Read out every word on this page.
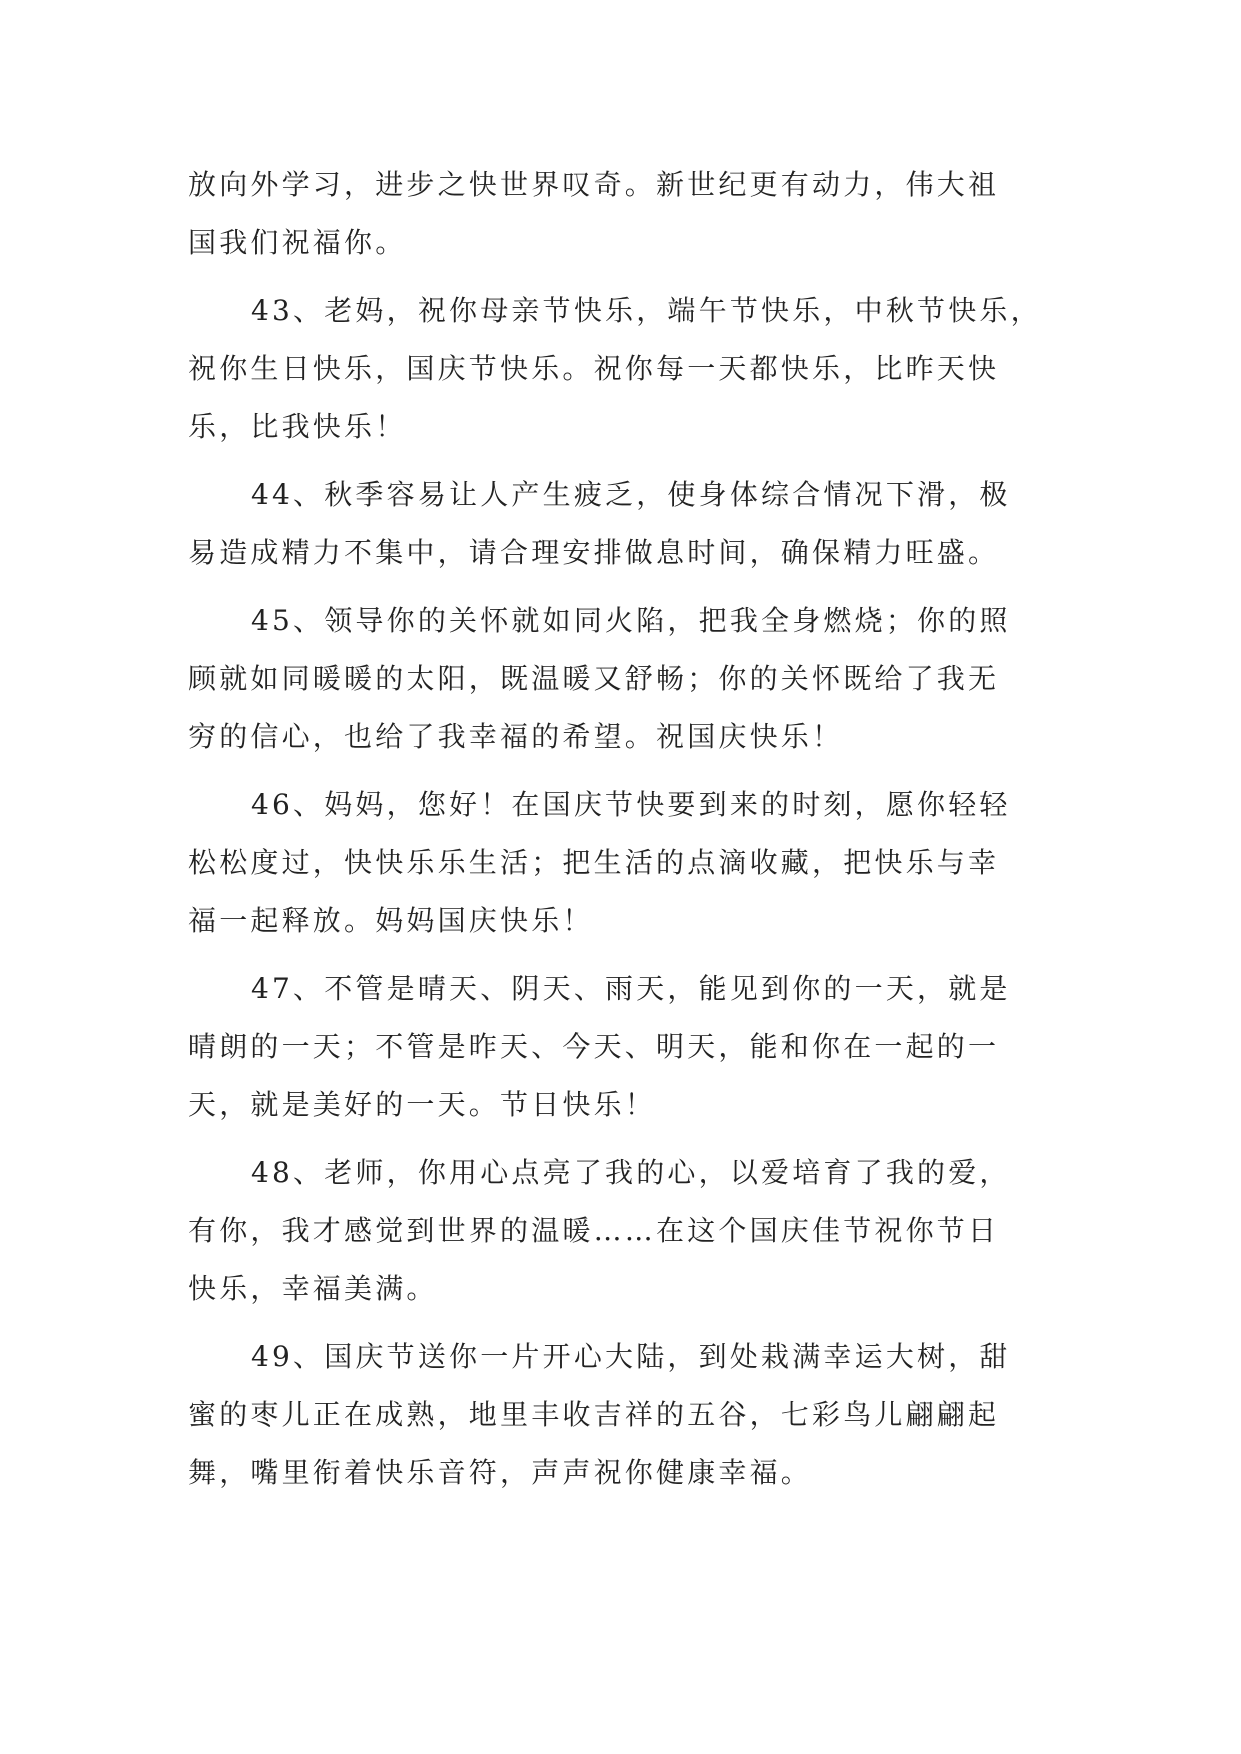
放向外学习，进步之快世界叹奇。新世纪更有动力，伟大祖
国我们祝福你。
43、老妈，祝你母亲节快乐，端午节快乐，中秋节快乐，
祝你生日快乐，国庆节快乐。祝你每一天都快乐，比昨天快
乐，比我快乐！
44、秋季容易让人产生疲乏，使身体综合情况下滑，极
易造成精力不集中，请合理安排做息时间，确保精力旺盛。
45、领导你的关怀就如同火陷，把我全身燃烧；你的照
顾就如同暖暖的太阳，既温暖又舒畅；你的关怀既给了我无
穷的信心，也给了我幸福的希望。祝国庆快乐！
46、妈妈，您好！在国庆节快要到来的时刻，愿你轻轻
松松度过，快快乐乐生活；把生活的点滴收藏，把快乐与幸
福一起释放。妈妈国庆快乐！
47、不管是晴天、阴天、雨天，能见到你的一天，就是
晴朗的一天；不管是昨天、今天、明天，能和你在一起的一
天，就是美好的一天。节日快乐！
48、老师，你用心点亮了我的心，以爱培育了我的爱，
有你，我才感觉到世界的温暖……在这个国庆佳节祝你节日
快乐，幸福美满。
49、国庆节送你一片开心大陆，到处栽满幸运大树，甜
蜜的枣儿正在成熟，地里丰收吉祥的五谷，七彩鸟儿翩翩起
舞，嘴里衔着快乐音符，声声祝你健康幸福。
